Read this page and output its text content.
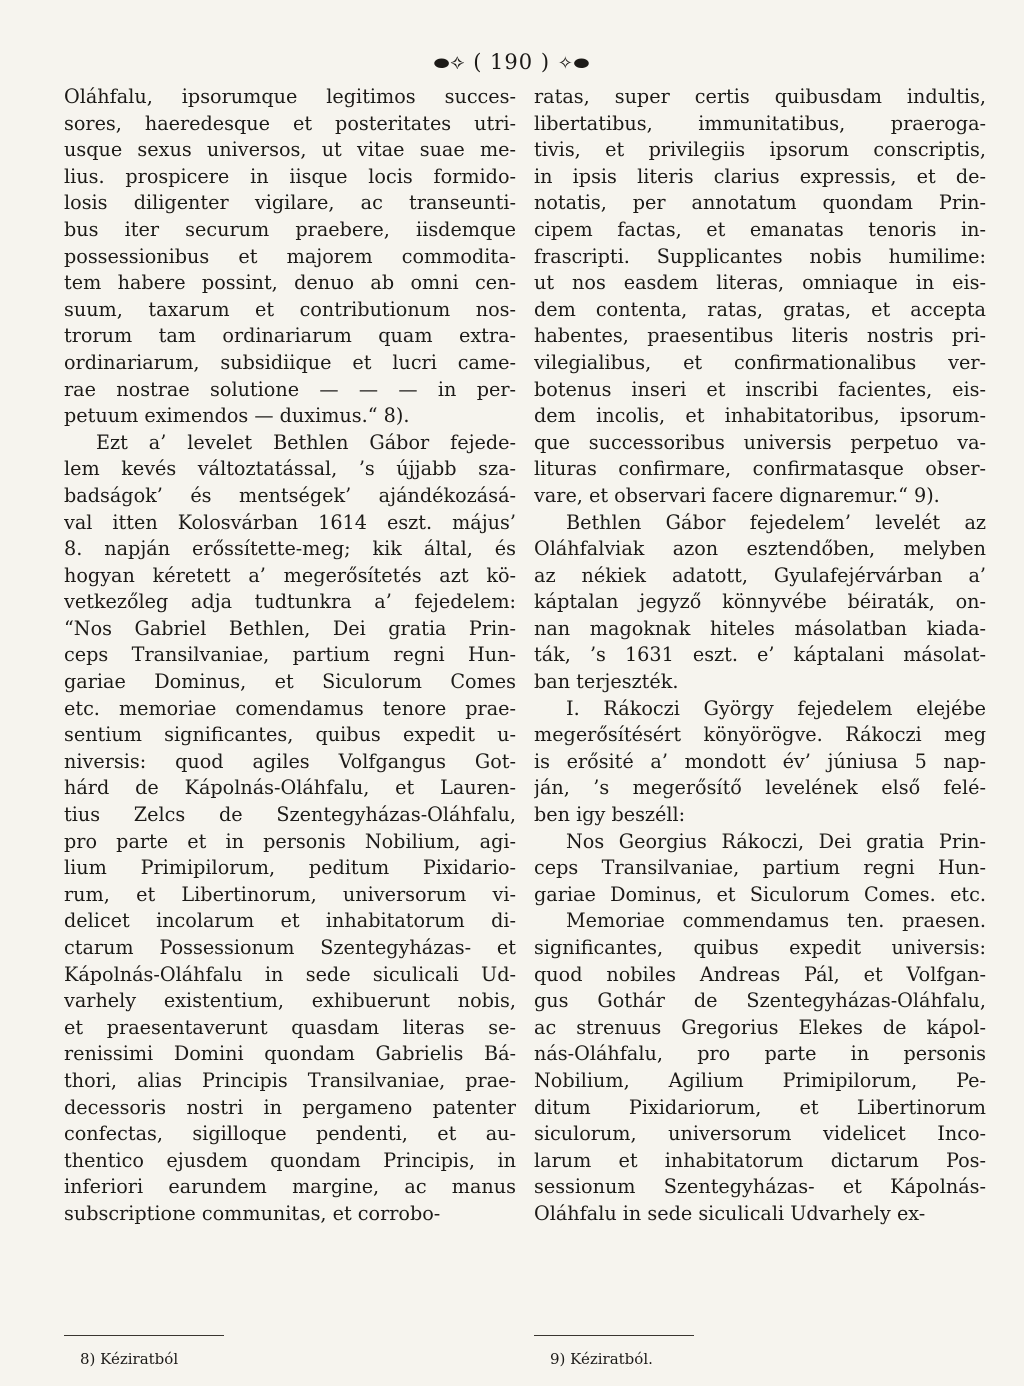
⬬✧ ( 190 ) ✧⬬
Oláhfalu, ipsorumque legitimos succes-
sores, haeredesque et posteritates utri-
usque sexus universos, ut vitae suae me-
lius. prospicere in iisque locis formido-
losis diligenter vigilare, ac transeunti-
bus iter securum praebere, iisdemque
possessionibus et majorem commodita-
tem habere possint, denuo ab omni cen-
suum, taxarum et contributionum nos-
trorum tam ordinariarum quam extra-
ordinariarum, subsidiique et lucri came-
rae nostrae solutione — — — in per-
petuum eximendos — duximus.“ 8).
Ezt a’ levelet Bethlen Gábor fejede-
lem kevés változtatással, ’s újjabb sza-
badságok’ és mentségek’ ajándékozásá-
val itten Kolosvárban 1614 eszt. május’
8. napján erőssítette-meg; kik által, és
hogyan kéretett a’ megerősítetés azt kö-
vetkezőleg adja tudtunkra a’ fejedelem:
“Nos Gabriel Bethlen, Dei gratia Prin-
ceps Transilvaniae, partium regni Hun-
gariae Dominus, et Siculorum Comes
etc. memoriae comendamus tenore prae-
sentium significantes, quibus expedit u-
niversis: quod agiles Volfgangus Got-
hárd de Kápolnás-Oláhfalu, et Lauren-
tius Zelcs de Szentegyházas-Oláhfalu,
pro parte et in personis Nobilium, agi-
lium Primipilorum, peditum Pixidario-
rum, et Libertinorum, universorum vi-
delicet incolarum et inhabitatorum di-
ctarum Possessionum Szentegyházas- et
Kápolnás-Oláhfalu in sede siculicali Ud-
varhely existentium, exhibuerunt nobis,
et praesentaverunt quasdam literas se-
renissimi Domini quondam Gabrielis Bá-
thori, alias Principis Transilvaniae, prae-
decessoris nostri in pergameno patenter
confectas, sigilloque pendenti, et au-
thentico ejusdem quondam Principis, in
inferiori earundem margine, ac manus
subscriptione communitas, et corrobo-
ratas, super certis quibusdam indultis,
libertatibus, immunitatibus, praeroga-
tivis, et privilegiis ipsorum conscriptis,
in ipsis literis clarius expressis, et de-
notatis, per annotatum quondam Prin-
cipem factas, et emanatas tenoris in-
frascripti. Supplicantes nobis humilime:
ut nos easdem literas, omniaque in eis-
dem contenta, ratas, gratas, et accepta
habentes, praesentibus literis nostris pri-
vilegialibus, et confirmationalibus ver-
botenus inseri et inscribi facientes, eis-
dem incolis, et inhabitatoribus, ipsorum-
que successoribus universis perpetuo va-
lituras confirmare, confirmatasque obser-
vare, et observari facere dignaremur.“ 9).
Bethlen Gábor fejedelem’ levelét az
Oláhfalviak azon esztendőben, melyben
az nékiek adatott, Gyulafejérvárban a’
káptalan jegyző könnyvébe béiraták, on-
nan magoknak hiteles másolatban kiada-
ták, ’s 1631 eszt. e’ káptalani másolat-
ban terjeszték.
I. Rákoczi György fejedelem elejébe
megerősítésért könyörögve. Rákoczi meg
is erősité a’ mondott év’ júniusa 5 nap-
ján, ’s megerősítő levelének első felé-
ben igy beszéll:
Nos Georgius Rákoczi, Dei gratia Prin-
ceps Transilvaniae, partium regni Hun-
gariae Dominus, et Siculorum Comes. etc.
Memoriae commendamus ten. praesen.
significantes, quibus expedit universis:
quod nobiles Andreas Pál, et Volfgan-
gus Gothár de Szentegyházas-Oláhfalu,
ac strenuus Gregorius Elekes de kápol-
nás-Oláhfalu, pro parte in personis
Nobilium, Agilium Primipilorum, Pe-
ditum Pixidariorum, et Libertinorum
siculorum, universorum videlicet Inco-
larum et inhabitatorum dictarum Pos-
sessionum Szentegyházas- et Kápolnás-
Oláhfalu in sede siculicali Udvarhely ex-
8) Kéziratból	9) Kéziratból.
